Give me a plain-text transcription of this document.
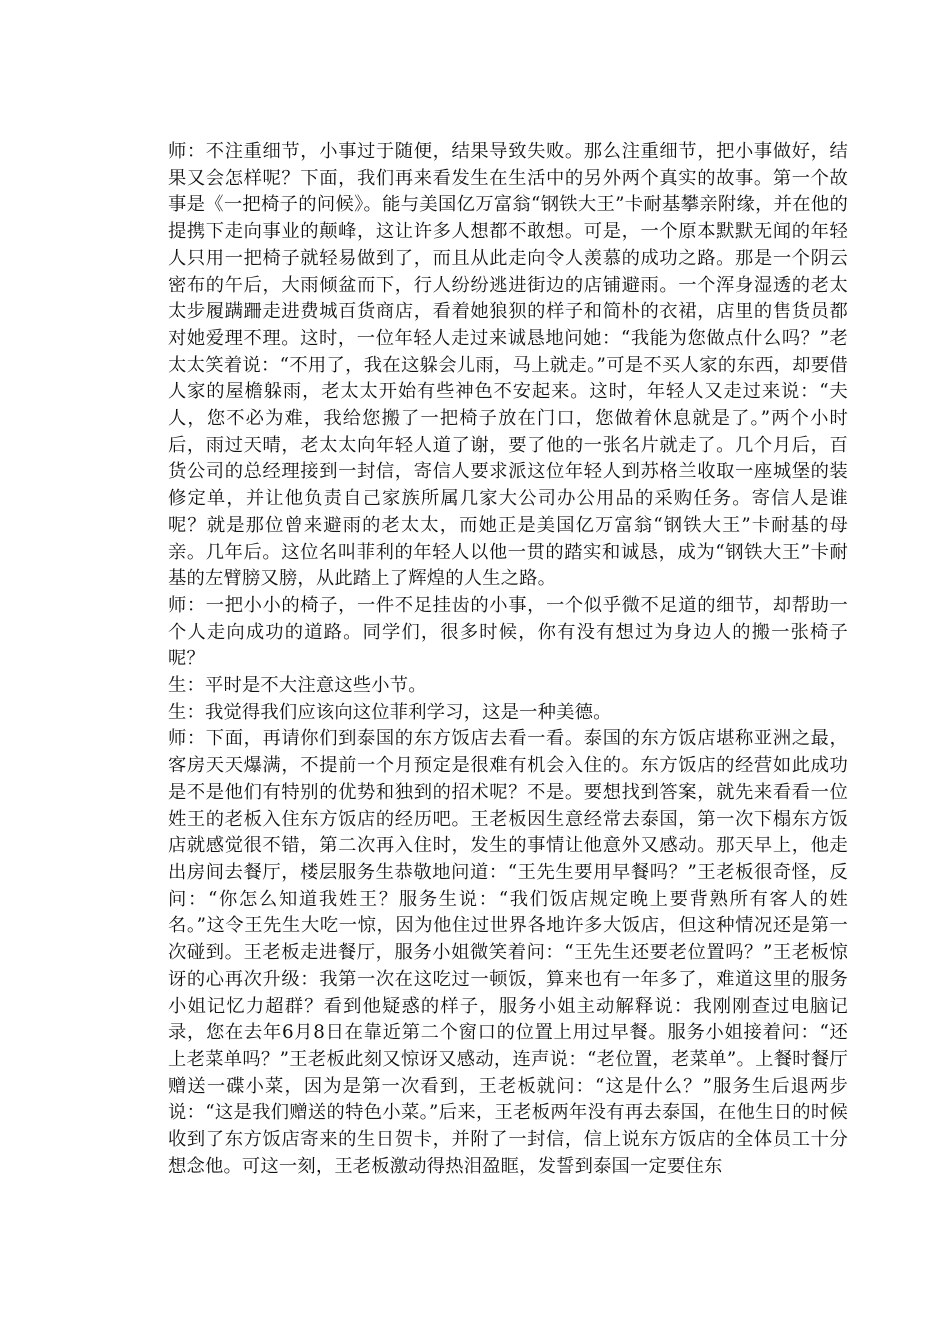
师：不注重细节，小事过于随便，结果导致失败。那么注重细节，把小事做好，结果又会怎样呢？下面，我们再来看发生在生活中的另外两个真实的故事。第一个故事是《一把椅子的问候》。能与美国亿万富翁“钢铁大王”卡耐基攀亲附缘，并在他的提携下走向事业的颠峰，这让许多人想都不敢想。可是，一个原本默默无闻的年轻人只用一把椅子就轻易做到了，而且从此走向令人羡慕的成功之路。那是一个阴云密布的午后，大雨倾盆而下，行人纷纷逃进街边的店铺避雨。一个浑身湿透的老太太步履蹒跚走进费城百货商店，看着她狼狈的样子和简朴的衣裙，店里的售货员都对她爱理不理。这时，一位年轻人走过来诚恳地问她：“我能为您做点什么吗？”老太太笑着说：“不用了，我在这躲会儿雨，马上就走。”可是不买人家的东西，却要借人家的屋檐躲雨，老太太开始有些神色不安起来。这时，年轻人又走过来说：“夫人，您不必为难，我给您搬了一把椅子放在门口，您做着休息就是了。”两个小时后，雨过天晴，老太太向年轻人道了谢，要了他的一张名片就走了。几个月后，百货公司的总经理接到一封信，寄信人要求派这位年轻人到苏格兰收取一座城堡的装修定单，并让他负责自己家族所属几家大公司办公用品的采购任务。寄信人是谁呢？就是那位曾来避雨的老太太，而她正是美国亿万富翁“钢铁大王”卡耐基的母亲。几年后。这位名叫菲利的年轻人以他一贯的踏实和诚恳，成为“钢铁大王”卡耐基的左臂膀又膀，从此踏上了辉煌的人生之路。

师：一把小小的椅子，一件不足挂齿的小事，一个似乎微不足道的细节，却帮助一个人走向成功的道路。同学们，很多时候，你有没有想过为身边人的搬一张椅子呢？

生：平时是不大注意这些小节。

生：我觉得我们应该向这位菲利学习，这是一种美德。

师：下面，再请你们到泰国的东方饭店去看一看。泰国的东方饭店堪称亚洲之最，客房天天爆满，不提前一个月预定是很难有机会入住的。东方饭店的经营如此成功是不是他们有特别的优势和独到的招术呢？不是。要想找到答案，就先来看看一位姓王的老板入住东方饭店的经历吧。王老板因生意经常去泰国，第一次下榻东方饭店就感觉很不错，第二次再入住时，发生的事情让他意外又感动。那天早上，他走出房间去餐厅，楼层服务生恭敬地问道：“王先生要用早餐吗？”王老板很奇怪，反问：“你怎么知道我姓王？服务生说：“我们饭店规定晚上要背熟所有客人的姓名。”这令王先生大吃一惊，因为他住过世界各地许多大饭店，但这种情况还是第一次碰到。王老板走进餐厅，服务小姐微笑着问：“王先生还要老位置吗？”王老板惊讶的心再次升级：我第一次在这吃过一顿饭，算来也有一年多了，难道这里的服务小姐记忆力超群？看到他疑惑的样子，服务小姐主动解释说：我刚刚查过电脑记录，您在去年6月8日在靠近第二个窗口的位置上用过早餐。服务小姐接着问：“还上老菜单吗？”王老板此刻又惊讶又感动，连声说：“老位置，老菜单”。上餐时餐厅赠送一碟小菜，因为是第一次看到，王老板就问：“这是什么？”服务生后退两步说：“这是我们赠送的特色小菜。”后来，王老板两年没有再去泰国，在他生日的时候收到了东方饭店寄来的生日贺卡，并附了一封信，信上说东方饭店的全体员工十分想念他。可这一刻，王老板激动得热泪盈眶，发誓到泰国一定要住东
